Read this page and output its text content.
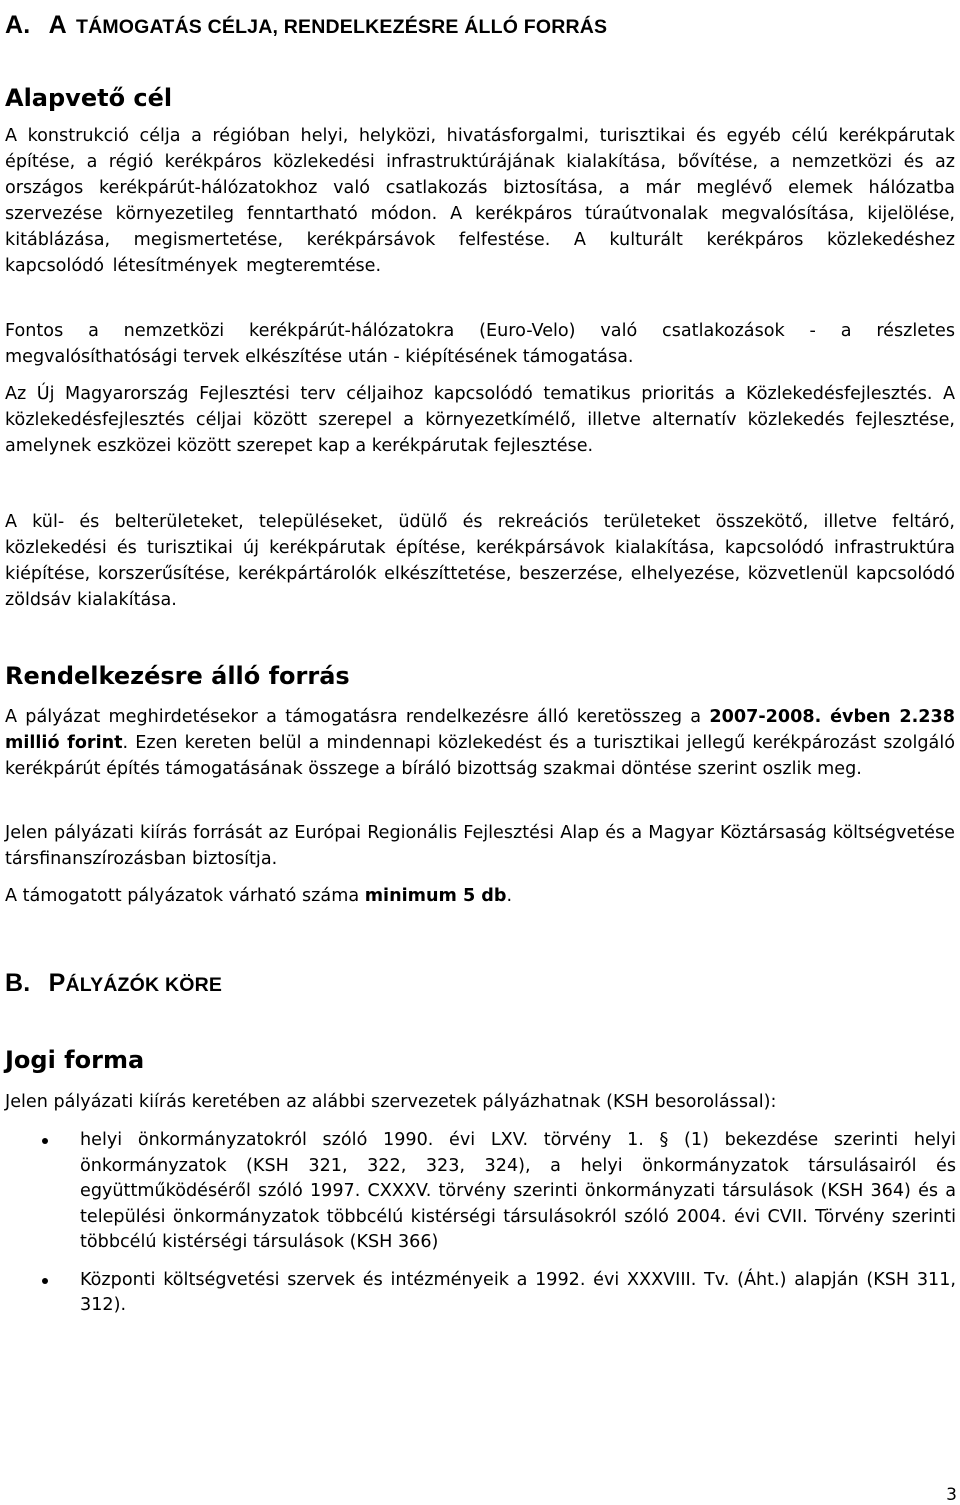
A. A TÁMOGATÁS CÉLJA, RENDELKEZÉSRE ÁLLÓ FORRÁS
Alapvető cél

A konstrukció célja a régióban helyi, helyközi, hivatásforgalmi, turisztikai és egyéb célú kerékpárutak építése, a régió kerékpáros közlekedési infrastruktúrájának kialakítása, bővítése, a nemzetközi és az országos kerékpárút-hálózatokhoz való csatlakozás biztosítása, a már meglévő elemek hálózatba szervezése környezetileg fenntartható módon. A kerékpáros túraútvonalak megvalósítása, kijelölése, kitáblázása, megismertetése, kerékpársávok felfestése. A kulturált kerékpáros közlekedéshez kapcsolódó létesítmények megteremtése.

Fontos a nemzetközi kerékpárút-hálózatokra (Euro-Velo) való csatlakozások - a részletes megvalósíthatósági tervek elkészítése után - kiépítésének támogatása.

Az Új Magyarország Fejlesztési terv céljaihoz kapcsolódó tematikus prioritás a Közlekedésfejlesztés. A közlekedésfejlesztés céljai között szerepel a környezetkímélő, illetve alternatív közlekedés fejlesztése, amelynek eszközei között szerepet kap a kerékpárutak fejlesztése.

A kül- és belterületeket, településeket, üdülő és rekreációs területeket összekötő, illetve feltáró, közlekedési és turisztikai új kerékpárutak építése, kerékpársávok kialakítása, kapcsolódó infrastruktúra kiépítése, korszerűsítése, kerékpártárolók elkészíttetése, beszerzése, elhelyezése, közvetlenül kapcsolódó zöldsáv kialakítása.

Rendelkezésre álló forrás

A pályázat meghirdetésekor a támogatásra rendelkezésre álló keretösszeg a 2007-2008. évben 2.238 millió forint. Ezen kereten belül a mindennapi közlekedést és a turisztikai jellegű kerékpározást szolgáló kerékpárút építés támogatásának összege a bíráló bizottság szakmai döntése szerint oszlik meg.

Jelen pályázati kiírás forrását az Európai Regionális Fejlesztési Alap és a Magyar Köztársaság költségvetése társfinanszírozásban biztosítja.

A támogatott pályázatok várható száma minimum 5 db.

B. PÁLYÁZÓK KÖRE
Jogi forma

Jelen pályázati kiírás keretében az alábbi szervezetek pályázhatnak (KSH besorolással):

helyi önkormányzatokról szóló 1990. évi LXV. törvény 1. § (1) bekezdése szerinti helyi önkormányzatok (KSH 321, 322, 323, 324), a helyi önkormányzatok társulásairól és együttműködéséről szóló 1997. CXXXV. törvény szerinti önkormányzati társulások (KSH 364) és a települési önkormányzatok többcélú kistérségi társulásokról szóló 2004. évi CVII. Törvény szerinti többcélú kistérségi társulások (KSH 366)
Központi költségvetési szervek és intézményeik a 1992. évi XXXVIII. Tv. (Áht.) alapján (KSH 311, 312).
3
